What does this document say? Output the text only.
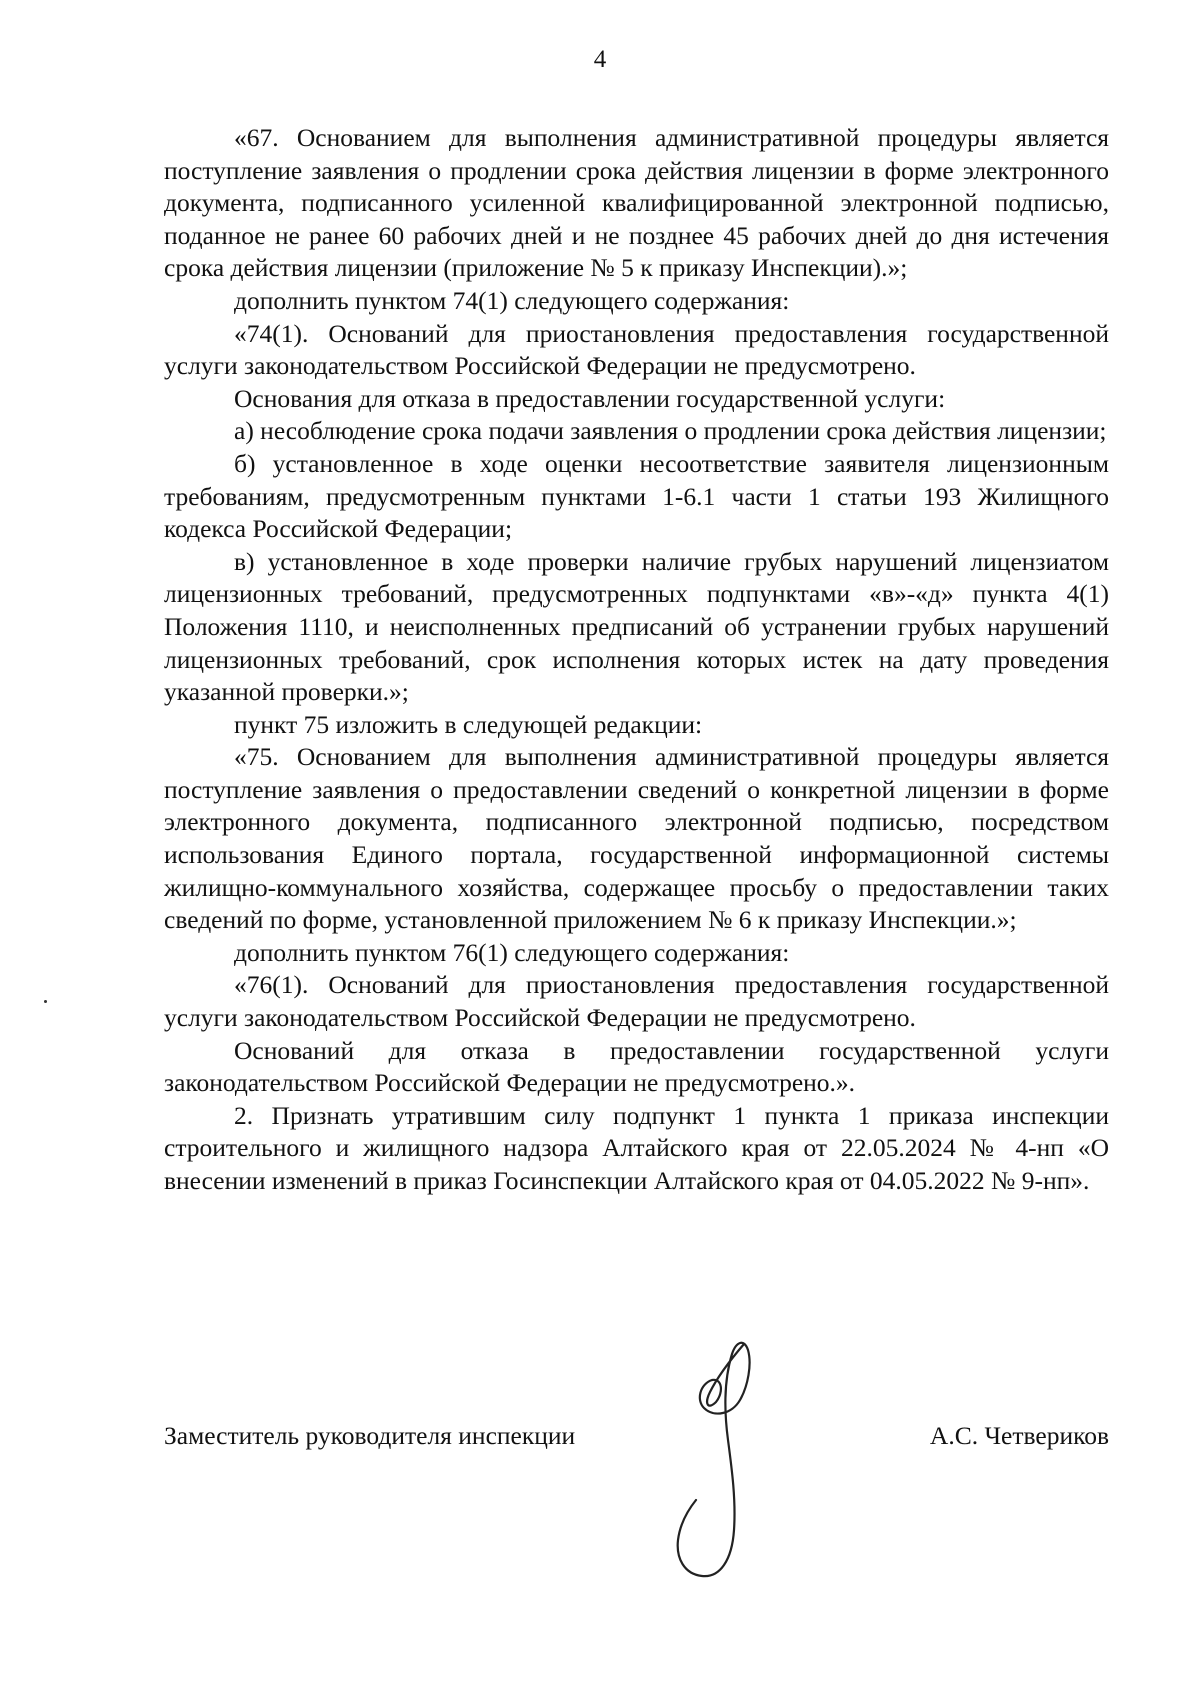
4

«67. Основанием для выполнения административной процедуры является поступление заявления о продлении срока действия лицензии в форме электронного документа, подписанного усиленной квалифицированной электронной подписью, поданное не ранее 60 рабочих дней и не позднее 45 рабочих дней до дня истечения срока действия лицензии (приложение № 5 к приказу Инспекции).»;

дополнить пунктом 74(1) следующего содержания:

«74(1). Оснований для приостановления предоставления государственной услуги законодательством Российской Федерации не предусмотрено.

Основания для отказа в предоставлении государственной услуги:

а) несоблюдение срока подачи заявления о продлении срока действия лицензии;

б) установленное в ходе оценки несоответствие заявителя лицензионным требованиям, предусмотренным пунктами 1-6.1 части 1 статьи 193 Жилищного кодекса Российской Федерации;

в) установленное в ходе проверки наличие грубых нарушений лицензиатом лицензионных требований, предусмотренных подпунктами «в»-«д» пункта 4(1) Положения 1110, и неисполненных предписаний об устранении грубых нарушений лицензионных требований, срок исполнения которых истек на дату проведения указанной проверки.»;

пункт 75 изложить в следующей редакции:

«75. Основанием для выполнения административной процедуры является поступление заявления о предоставлении сведений о конкретной лицензии в форме электронного документа, подписанного электронной подписью, посредством использования Единого портала, государственной информационной системы жилищно-коммунального хозяйства, содержащее просьбу о предоставлении таких сведений по форме, установленной приложением № 6 к приказу Инспекции.»;

дополнить пунктом 76(1) следующего содержания:

«76(1). Оснований для приостановления предоставления государственной услуги законодательством Российской Федерации не предусмотрено.

Оснований для отказа в предоставлении государственной услуги законодательством Российской Федерации не предусмотрено.».

2. Признать утратившим силу подпункт 1 пункта 1 приказа инспекции строительного и жилищного надзора Алтайского края от 22.05.2024 № 4-нп «О внесении изменений в приказ Госинспекции Алтайского края от 04.05.2022 № 9-нп».

Заместитель руководителя инспекции	А.С. Четвериков
